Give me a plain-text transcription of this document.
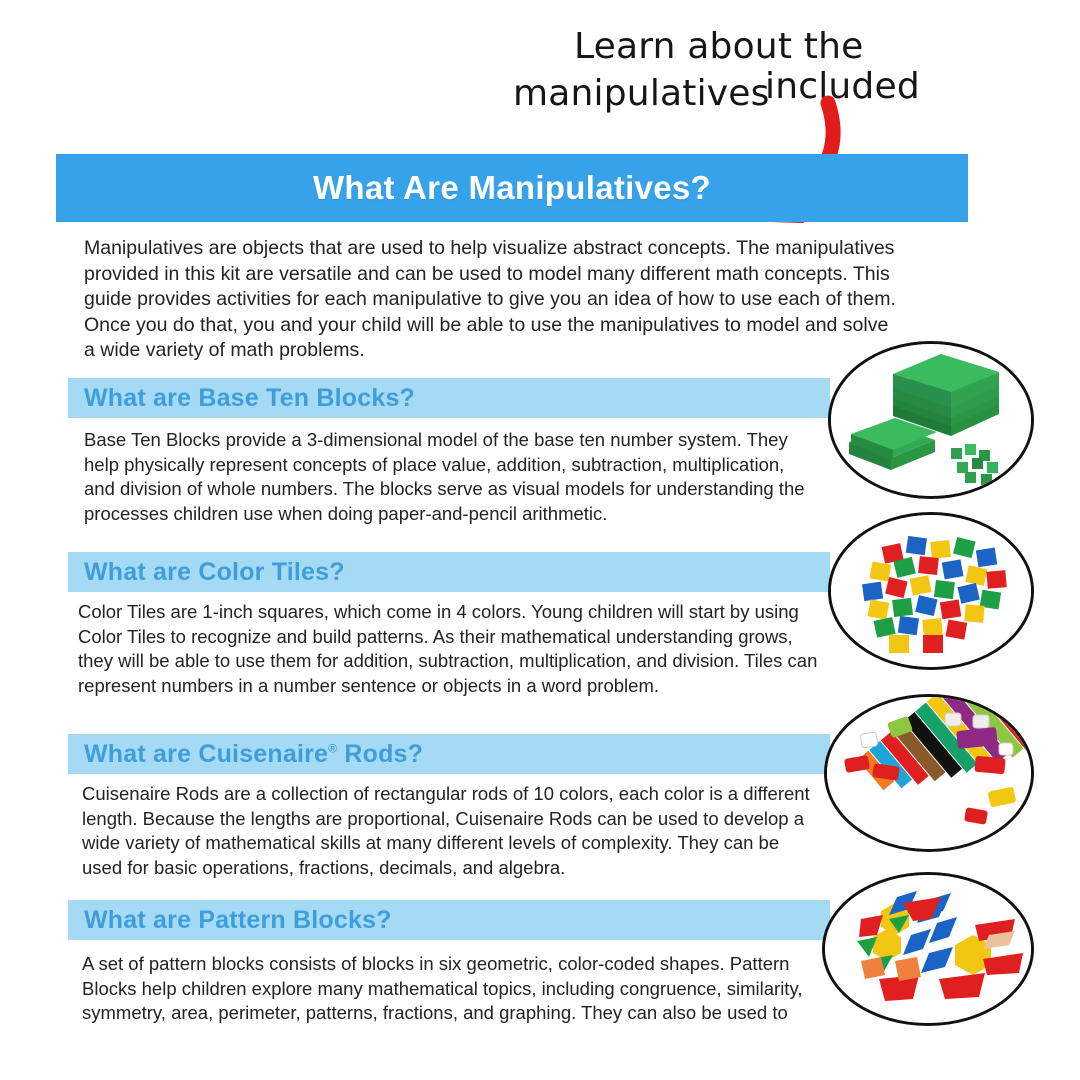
Learn about the
manipulatives
included
What Are Manipulatives?
Manipulatives are objects that are used to help visualize abstract concepts. The manipulatives provided in this kit are versatile and can be used to model many different math concepts. This guide provides activities for each manipulative to give you an idea of how to use each of them. Once you do that, you and your child will be able to use the manipulatives to model and solve a wide variety of math problems.
What are Base Ten Blocks?
Base Ten Blocks provide a 3-dimensional model of the base ten number system. They help physically represent concepts of place value, addition, subtraction, multiplication, and division of whole numbers. The blocks serve as visual models for understanding the processes children use when doing paper-and-pencil arithmetic.
What are Color Tiles?
Color Tiles are 1-inch squares, which come in 4 colors. Young children will start by using Color Tiles to recognize and build patterns. As their mathematical understanding grows, they will be able to use them for addition, subtraction, multiplication, and division. Tiles can represent numbers in a number sentence or objects in a word problem.
What are Cuisenaire® Rods?
Cuisenaire Rods are a collection of rectangular rods of 10 colors, each color is a different length. Because the lengths are proportional, Cuisenaire Rods can be used to develop a wide variety of mathematical skills at many different levels of complexity. They can be used for basic operations, fractions, decimals, and algebra.
What are Pattern Blocks?
A set of pattern blocks consists of blocks in six geometric, color-coded shapes. Pattern Blocks help children explore many mathematical topics, including congruence, similarity, symmetry, area, perimeter, patterns, fractions, and graphing. They can also be used to
